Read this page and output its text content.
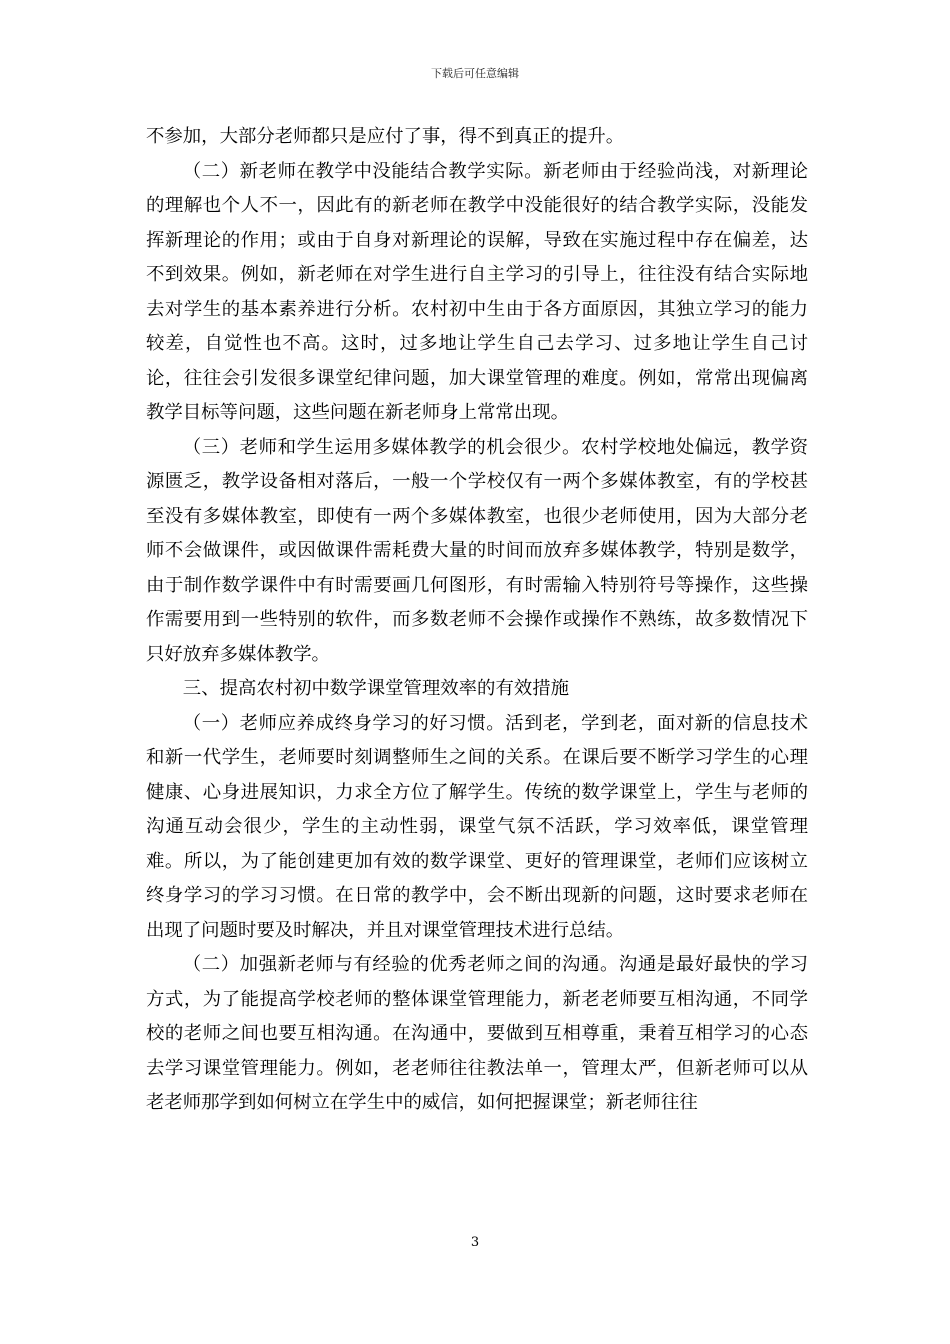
下载后可任意编辑

不参加，大部分老师都只是应付了事，得不到真正的提升。

（二）新老师在教学中没能结合教学实际。新老师由于经验尚浅，对新理论的理解也个人不一，因此有的新老师在教学中没能很好的结合教学实际，没能发挥新理论的作用；或由于自身对新理论的误解，导致在实施过程中存在偏差，达不到效果。例如，新老师在对学生进行自主学习的引导上，往往没有结合实际地去对学生的基本素养进行分析。农村初中生由于各方面原因，其独立学习的能力较差，自觉性也不高。这时，过多地让学生自己去学习、过多地让学生自己讨论，往往会引发很多课堂纪律问题，加大课堂管理的难度。例如，常常出现偏离教学目标等问题，这些问题在新老师身上常常出现。

（三）老师和学生运用多媒体教学的机会很少。农村学校地处偏远，教学资源匮乏，教学设备相对落后，一般一个学校仅有一两个多媒体教室，有的学校甚至没有多媒体教室，即使有一两个多媒体教室，也很少老师使用，因为大部分老师不会做课件，或因做课件需耗费大量的时间而放弃多媒体教学，特别是数学，由于制作数学课件中有时需要画几何图形，有时需输入特别符号等操作，这些操作需要用到一些特别的软件，而多数老师不会操作或操作不熟练，故多数情况下只好放弃多媒体教学。

三、提高农村初中数学课堂管理效率的有效措施

（一）老师应养成终身学习的好习惯。活到老，学到老，面对新的信息技术和新一代学生，老师要时刻调整师生之间的关系。在课后要不断学习学生的心理健康、心身进展知识，力求全方位了解学生。传统的数学课堂上，学生与老师的沟通互动会很少，学生的主动性弱，课堂气氛不活跃，学习效率低，课堂管理难。所以，为了能创建更加有效的数学课堂、更好的管理课堂，老师们应该树立终身学习的学习习惯。在日常的教学中，会不断出现新的问题，这时要求老师在出现了问题时要及时解决，并且对课堂管理技术进行总结。

（二）加强新老师与有经验的优秀老师之间的沟通。沟通是最好最快的学习方式，为了能提高学校老师的整体课堂管理能力，新老老师要互相沟通，不同学校的老师之间也要互相沟通。在沟通中，要做到互相尊重，秉着互相学习的心态去学习课堂管理能力。例如，老老师往往教法单一，管理太严，但新老师可以从老老师那学到如何树立在学生中的威信，如何把握课堂；新老师往往

3
